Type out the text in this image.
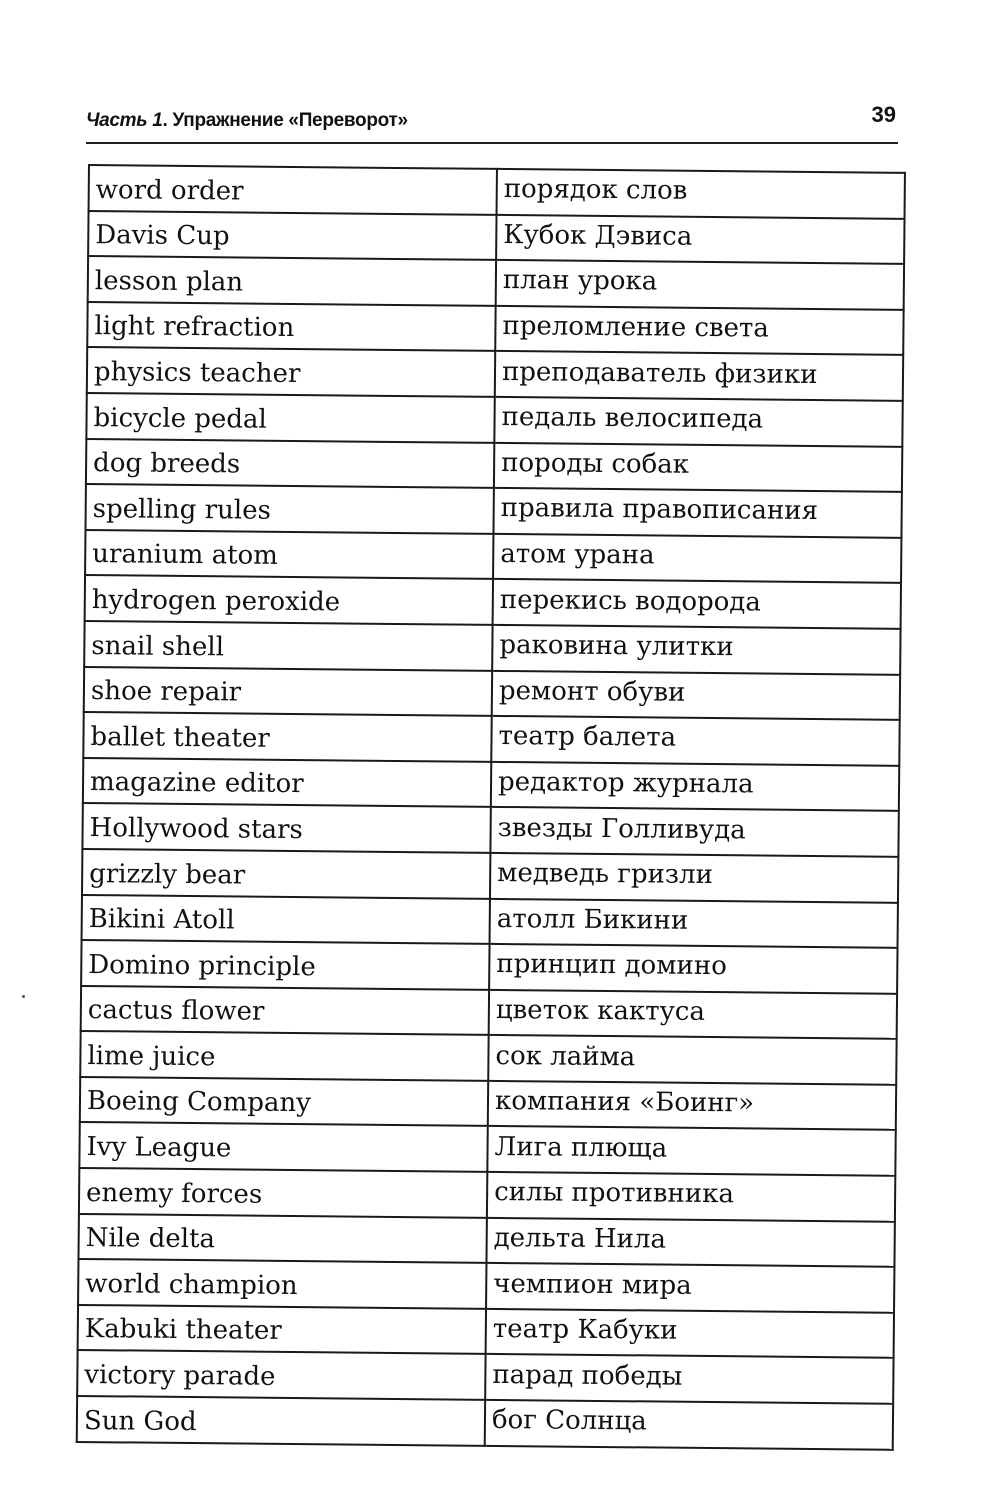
Часть 1. Упражнение «Переворот»	39
word order	порядок слов
Davis Cup	Кубок Дэвиса
lesson plan	план урока
light refraction	преломление света
physics teacher	преподаватель физики
bicycle pedal	педаль велосипеда
dog breeds	породы собак
spelling rules	правила правописания
uranium atom	атом урана
hydrogen peroxide	перекись водорода
snail shell	раковина улитки
shoe repair	ремонт обуви
ballet theater	театр балета
magazine editor	редактор журнала
Hollywood stars	звезды Голливуда
grizzly bear	медведь гризли
Bikini Atoll	атолл Бикини
Domino principle	принцип домино
cactus flower	цветок кактуса
lime juice	сок лайма
Boeing Company	компания «Боинг»
Ivy League	Лига плюща
enemy forces	силы противника
Nile delta	дельта Нила
world champion	чемпион мира
Kabuki theater	театр Кабуки
victory parade	парад победы
Sun God	бог Солнца
